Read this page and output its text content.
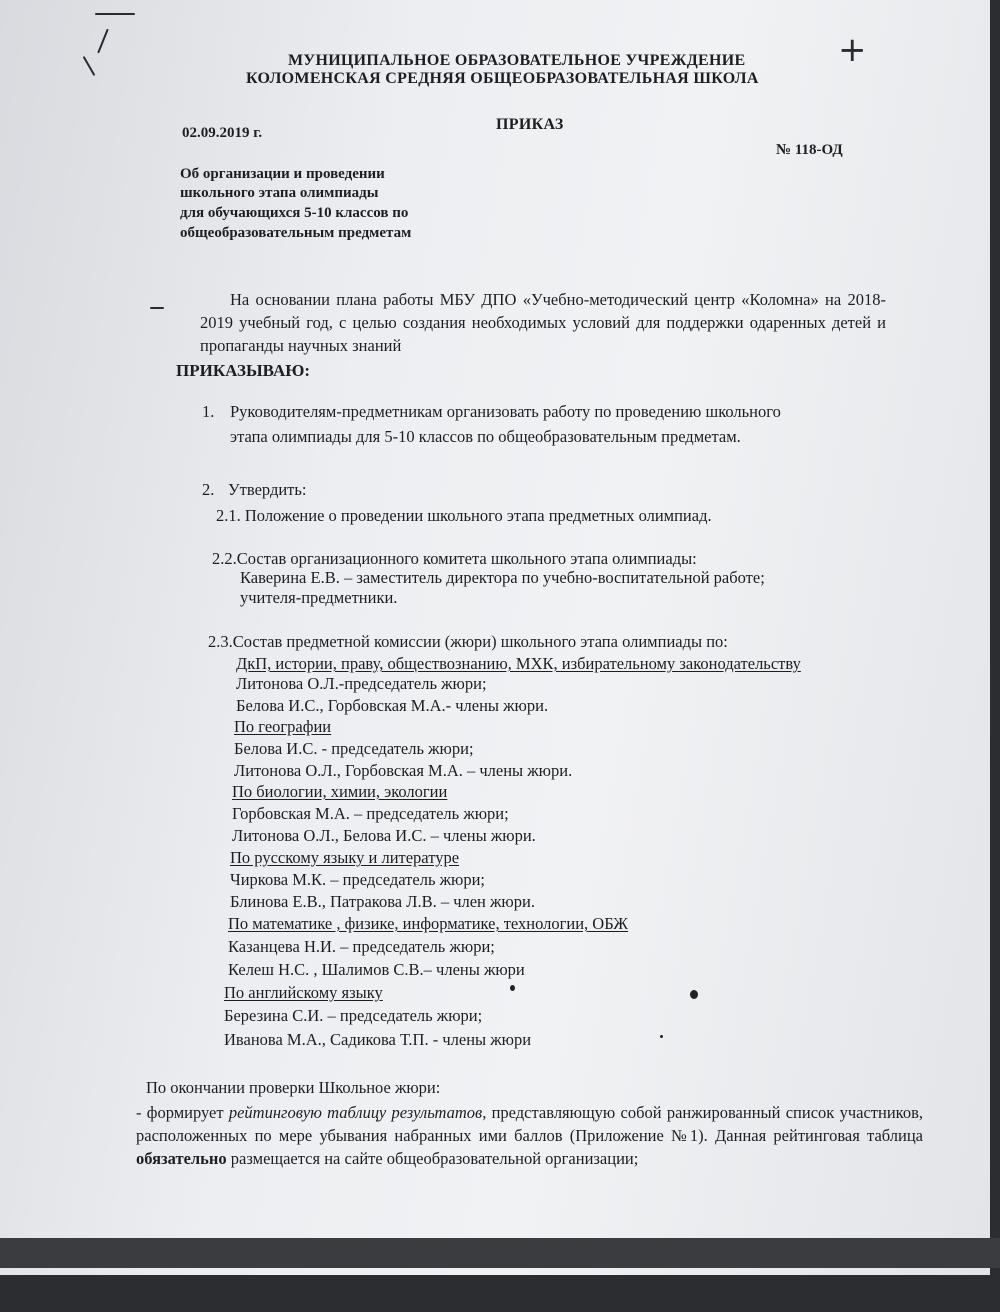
+
МУНИЦИПАЛЬНОЕ ОБРАЗОВАТЕЛЬНОЕ УЧРЕЖДЕНИЕ
КОЛОМЕНСКАЯ СРЕДНЯЯ ОБЩЕОБРАЗОВАТЕЛЬНАЯ ШКОЛА
ПРИКАЗ
02.09.2019 г.
№ 118-ОД
Об организации и проведении
школьного этапа олимпиады
для обучающихся 5-10 классов по
общеобразовательным предметам
На основании плана работы МБУ ДПО «Учебно-методический центр «Коломна» на 2018-2019 учебный год, с целью создания необходимых условий для поддержки одаренных детей и пропаганды научных знаний
ПРИКАЗЫВАЮ:
1. Руководителям-предметникам организовать работу по проведению школьного
этапа олимпиады для 5-10 классов по общеобразовательным предметам.
2. Утвердить:
2.1. Положение о проведении школьного этапа предметных олимпиад.
2.2.Состав организационного комитета школьного этапа олимпиады:
Каверина Е.В. – заместитель директора по учебно-воспитательной работе;
учителя-предметники.
2.3.Состав предметной комиссии (жюри) школьного этапа олимпиады по:
ДкП, истории, праву, обществознанию, МХК, избирательному законодательству
Литонова О.Л.-председатель жюри;
Белова И.С., Горбовская М.А.- члены жюри.
По географии
Белова И.С. - председатель жюри;
Литонова О.Л., Горбовская М.А. – члены жюри.
По биологии, химии, экологии
Горбовская М.А. – председатель жюри;
Литонова О.Л., Белова И.С. – члены жюри.
По русскому языку и литературе
Чиркова М.К. – председатель жюри;
Блинова Е.В., Патракова Л.В. – член жюри.
По математике , физике, информатике, технологии, ОБЖ
Казанцева Н.И. – председатель жюри;
Келеш Н.С. , Шалимов С.В.– члены жюри
По английскому языку
Березина С.И. – председатель жюри;
Иванова М.А., Садикова Т.П. - члены жюри
По окончании проверки Школьное жюри:
- формирует рейтинговую таблицу результатов, представляющую собой ранжированный список участников, расположенных по мере убывания набранных ими баллов (Приложение №1). Данная рейтинговая таблица обязательно размещается на сайте общеобразовательной организации;
